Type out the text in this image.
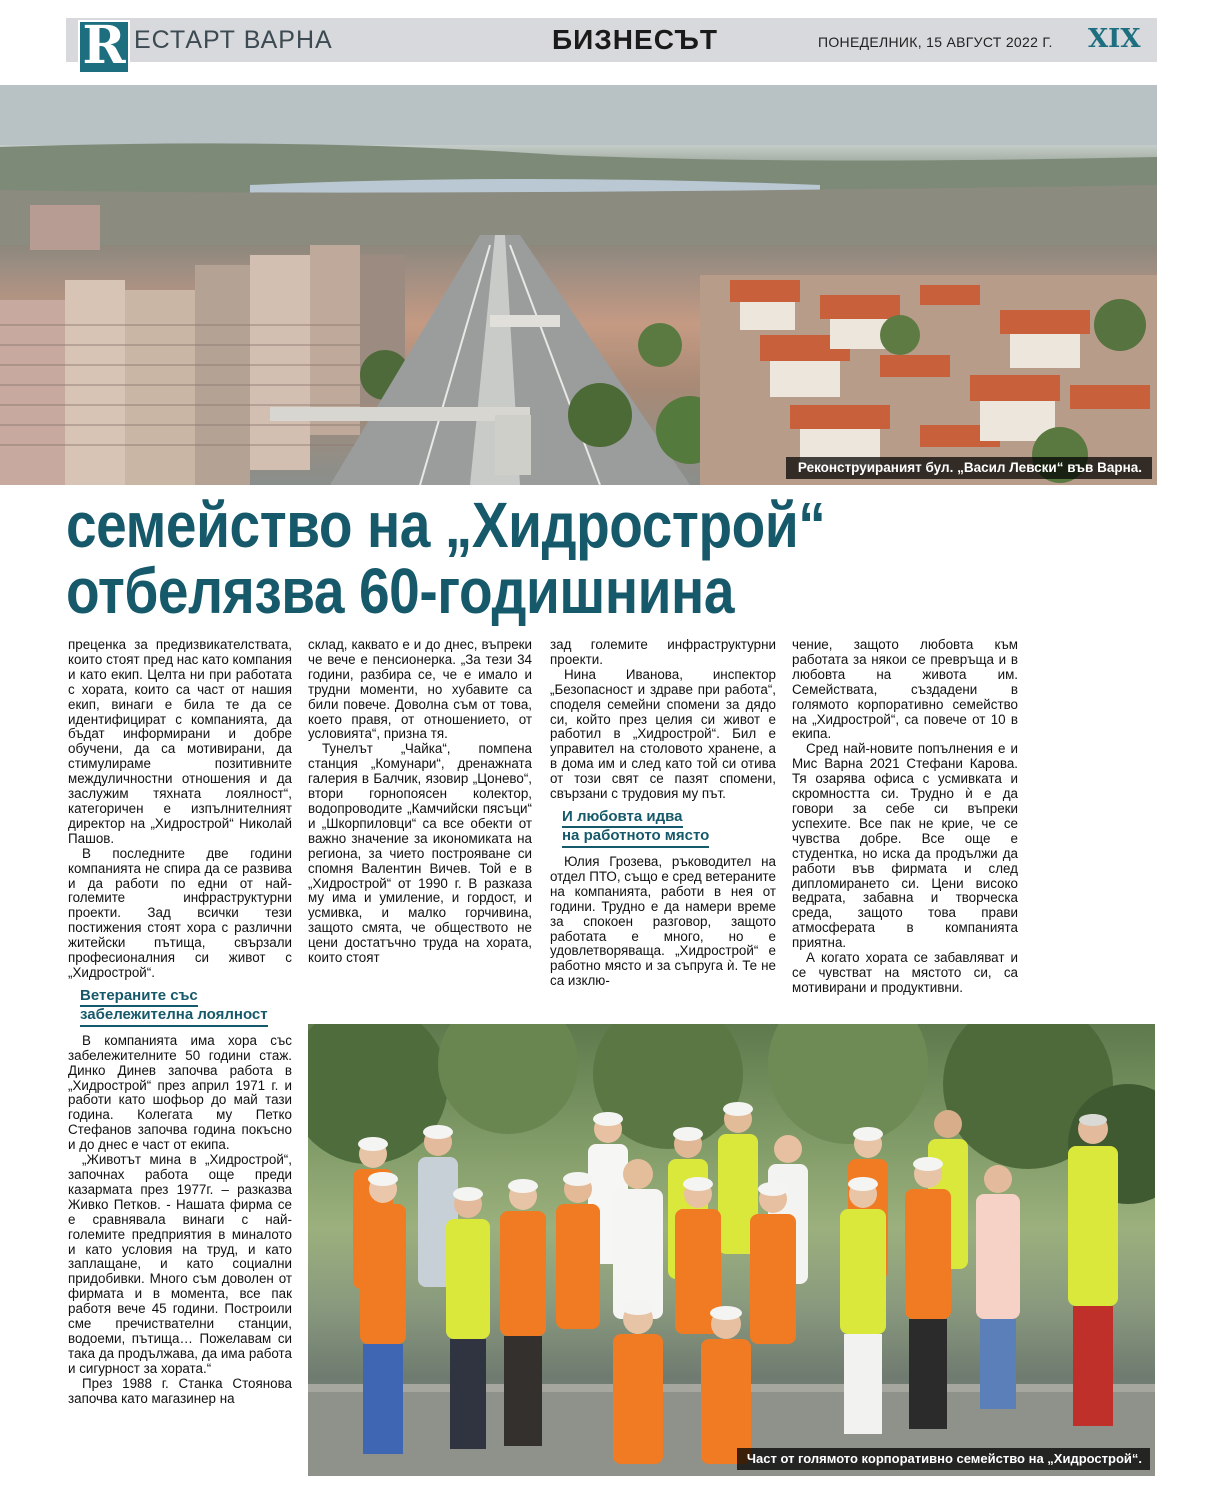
R ЕСТАРТ ВАРНА	БИЗНЕСЪТ	ПОНЕДЕЛНИК, 15 АВГУСТ 2022 Г. XIX
Реконструираният бул. „Васил Левски“ във Варна.
семейство на „Хидрострой“
отбелязва 60-годишнина

преценка за предизвикателствата, които стоят пред нас като компания и като екип. Целта ни при работата с хората, които са част от нашия екип, винаги е била те да се идентифицират с компанията, да бъдат информирани и добре обучени, да са мотивирани, да стимулираме позитивните междуличностни отношения и да заслужим тяхната лоялност“, категоричен е изпълнителният директор на „Хидрострой“ Николай Пашов.

В последните две години компанията не спира да се развива и да работи по едни от най-големите инфраструктурни проекти. Зад всички тези постижения стоят хора с различни житейски пътища, свързали професионалния си живот с „Хидрострой“.

Ветераните със
забележителна лоялност

В компанията има хора със забележителните 50 години стаж. Динко Динев започва работа в „Хидрострой“ през април 1971 г. и работи като шофьор до май тази година. Колегата му Петко Стефанов започва година покъсно и до днес е част от екипа.

„Животът мина в „Хидрострой“, започнах работа още преди казармата през 1977г. – разказва Живко Петков. - Нашата фирма се е сравнявала винаги с най-големите предприятия в миналото и като условия на труд, и като заплащане, и като социални придобивки. Много съм доволен от фирмата и в момента, все пак работя вече 45 години. Построили сме пречиствателни станции, водоеми, пътища… Пожелавам си така да продължава, да има работа и сигурност за хората.“

През 1988 г. Станка Стоянова започва като магазинер на

склад, каквато е и до днес, въпреки че вече е пенсионерка. „За тези 34 години, разбира се, че е имало и трудни моменти, но хубавите са били повече. Доволна съм от това, което правя, от отношението, от условията“, призна тя.

Тунелът „Чайка“, помпена станция „Комунари“, дренажната галерия в Балчик, язовир „Цонево“, втори горнопоясен колектор, водопроводите „Камчийски пясъци“ и „Шкорпиловци“ са все обекти от важно значение за икономиката на региона, за чието построяване си спомня Валентин Вичев. Той е в „Хидрострой“ от 1990 г. В разказа му има и умиление, и гордост, и усмивка, и малко горчивина, защото смята, че обществото не цени достатъчно труда на хората, които стоят

зад големите инфраструктурни проекти.

Нина Иванова, инспектор „Безопасност и здраве при работа“, споделя семейни спомени за дядо си, който през целия си живот е работил в „Хидрострой“. Бил е управител на столовото хранене, а в дома им и след като той си отива от този свят се пазят спомени, свързани с трудовия му път.

И любовта идва
на работното място

Юлия Грозева, ръководител на отдел ПТО, също е сред ветераните на компанията, работи в нея от години. Трудно е да намери време за спокоен разговор, защото работата е много, но е удовлетворяваща. „Хидрострой“ е работно място и за съпруга ѝ. Те не са изклю-

чение, защото любовта към работата за някои се превръща и в любовта на живота им. Семействата, създадени в голямото корпоративно семейство на „Хидрострой“, са повече от 10 в екипа.

Сред най-новите попълнения е и Мис Варна 2021 Стефани Карова. Тя озарява офиса с усмивката и скромността си. Трудно ѝ е да говори за себе си въпреки успехите. Все пак не крие, че се чувства добре. Все още е студентка, но иска да продължи да работи във фирмата и след дипломирането си. Цени високо ведрата, забавна и творческа среда, защото това прави атмосферата в компанията приятна.

А когато хората се забавляват и се чувстват на мястото си, са мотивирани и продуктивни.

Част от голямото корпоративно семейство на „Хидрострой“.
